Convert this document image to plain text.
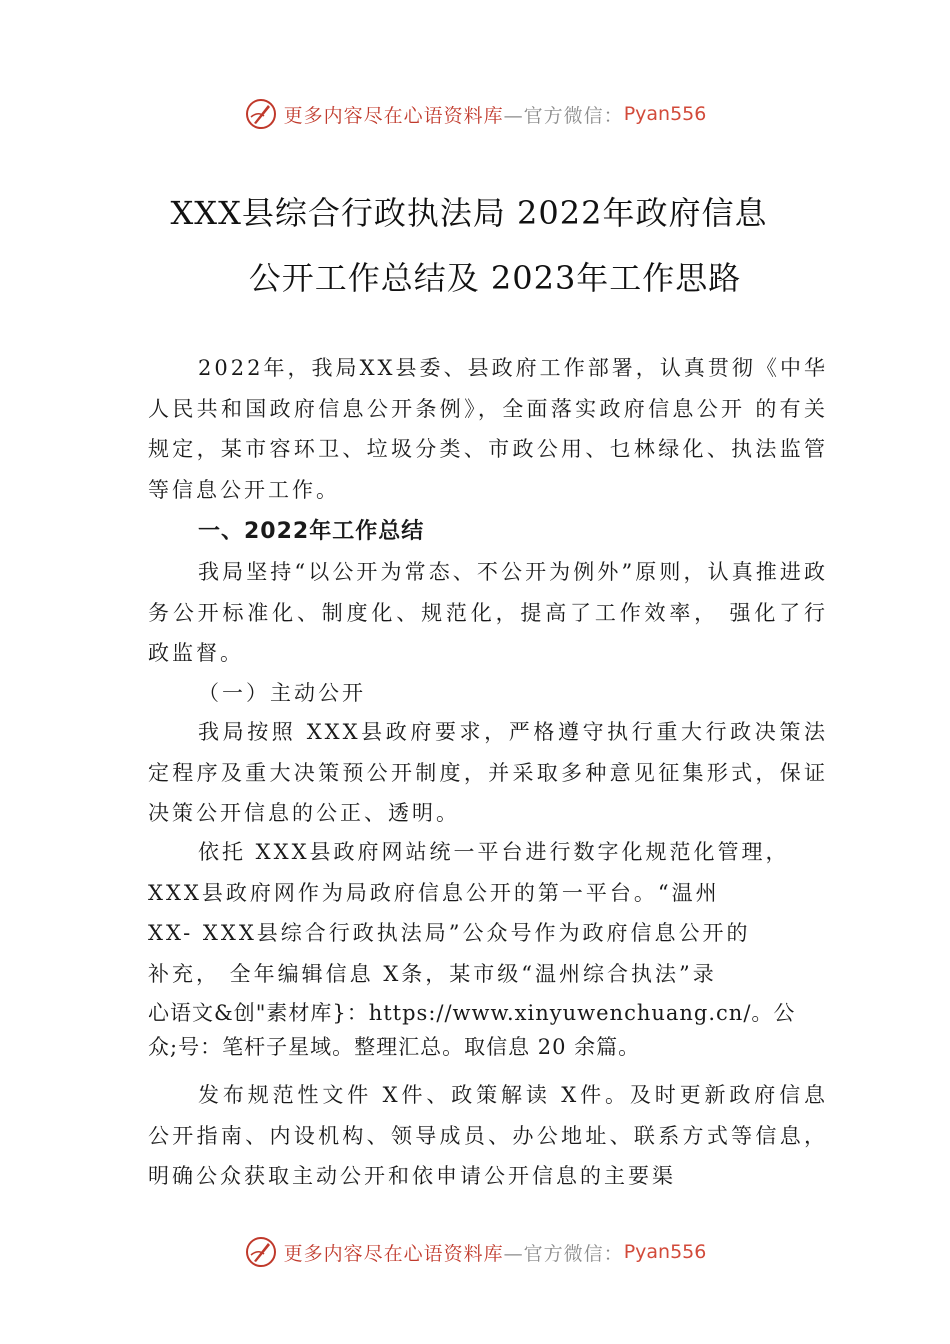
更多内容尽在心语资料库 —官方微信： Pyan556
XXX县综合行政执法局 2022年政府信息
公开工作总结及 2023年工作思路
2022年，我局XX县委、县政府工作部署，认真贯彻《中华人民共和国政府信息公开条例》，全面落实政府信息公开 的有关规定，某市容环卫、垃圾分类、市政公用、乜林绿化、执法监管等信息公开工作。
一、2022年工作总结
我局坚持“以公开为常态、不公开为例外”原则，认真推进政务公开标准化、制度化、规范化，提高了工作效率， 强化了行政监督。
（一）主动公开
我局按照 XXX县政府要求，严格遵守执行重大行政决策法定程序及重大决策预公开制度，并采取多种意见征集形式，保证决策公开信息的公正、透明。
依托 XXX县政府网站统一平台进行数字化规范化管理，
XXX县政府网作为局政府信息公开的第一平台。“温州
XX- XXX县综合行政执法局”公众号作为政府信息公开的
补充， 全年编辑信息 X条，某市级“温州综合执法”录
心语文&创"素材库}：https://www.xinyuwenchuang.cn/。公
众;号：笔杆子星域。整理汇总。取信息 20 余篇。
发布规范性文件 X件、政策解读 X件。及时更新政府信息公开指南、内设机构、领导成员、办公地址、联系方式等信息，明确公众获取主动公开和依申请公开信息的主要渠
更多内容尽在心语资料库 —官方微信： Pyan556
